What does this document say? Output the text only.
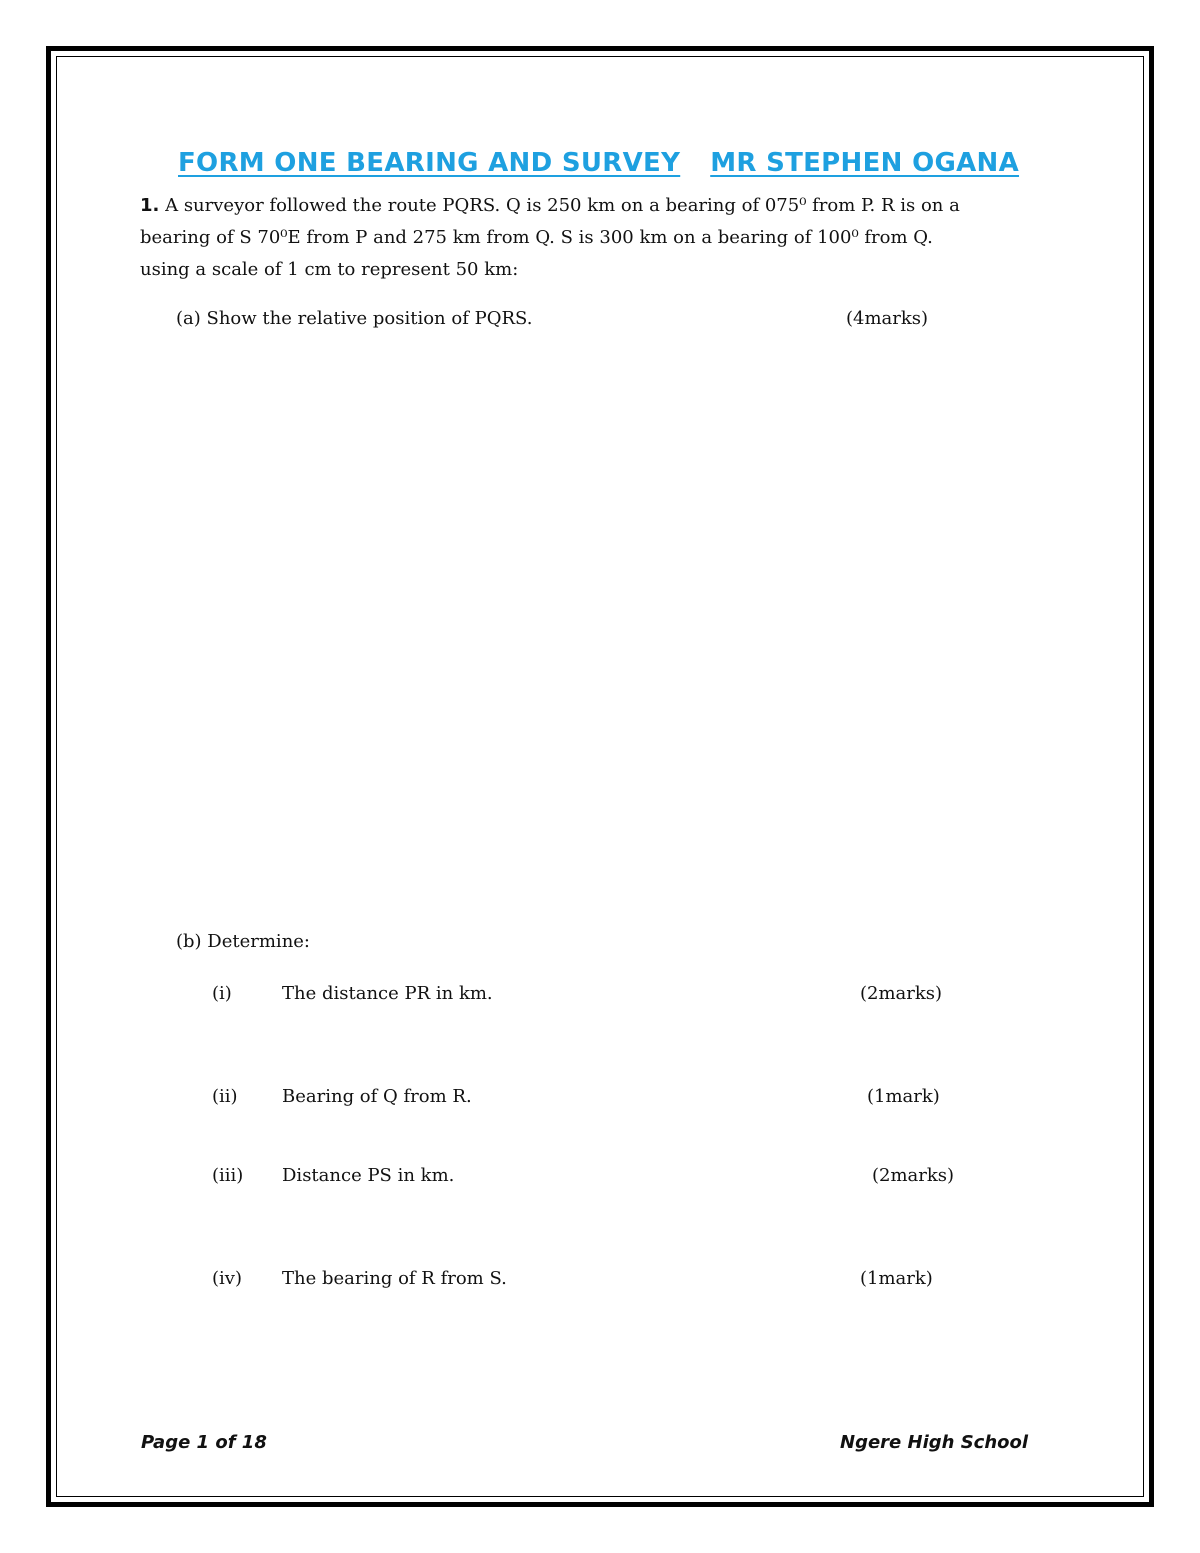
FORM ONE BEARING AND SURVEY MR STEPHEN OGANA
1. A surveyor followed the route PQRS. Q is 250 km on a bearing of 075⁰ from P. R is on a
bearing of S 70⁰E from P and 275 km from Q. S is 300 km on a bearing of 100⁰ from Q.
using a scale of 1 cm to represent 50 km:
(a) Show the relative position of PQRS.	(4marks)
(b) Determine:
(i)	The distance PR in km.	(2marks)
(ii) Bearing of Q from R.	(1mark)
(iii) Distance PS in km.	(2marks)
(iv) The bearing of R from S.	(1mark)
Page 1 of 18	Ngere High School
